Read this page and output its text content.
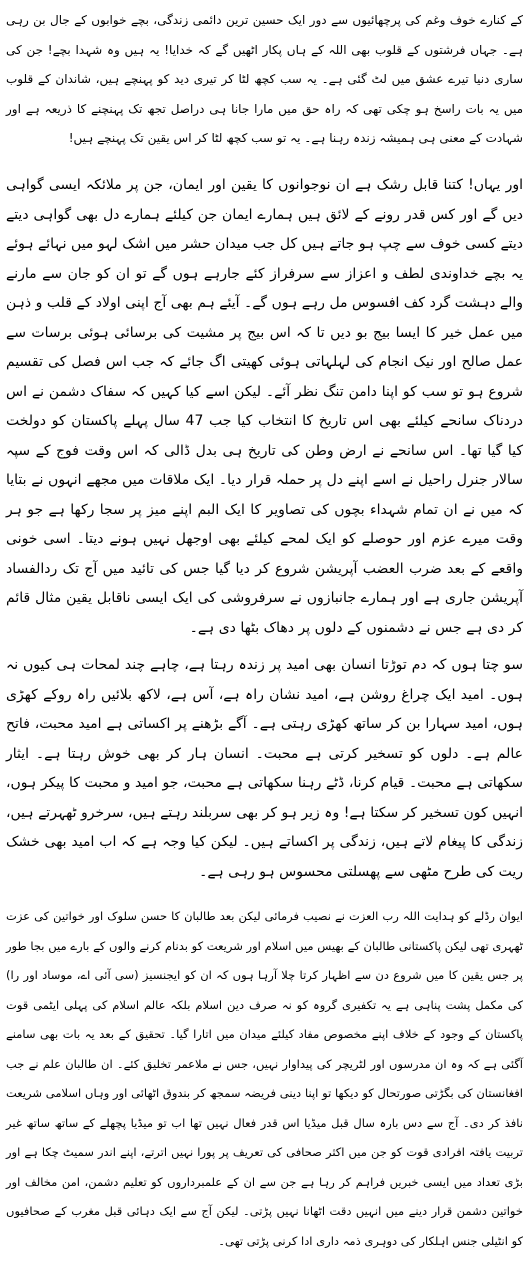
کے کنارے خوف وغم کی پرچھائیوں سے دور ایک حسین ترین دائمی زندگی، بچے خوابوں کے جال بن رہی ہے۔ جہاں فرشتوں کے قلوب بھی اللہ کے ہاں پکار اٹھیں گے کہ خدایا! یہ ہیں وہ شہدا بچے! جن کی ساری دنیا تیرے عشق میں لٹ گئی ہے۔ یہ سب کچھ لٹا کر تیری دید کو پہنچے ہیں، شاندان کے قلوب میں یہ بات راسخ ہو چکی تھی کہ راہ حق میں مارا جانا ہی دراصل تجھ تک پہنچنے کا ذریعہ ہے اور شہادت کے معنی ہی ہمیشہ زندہ رہنا ہے۔ یہ تو سب کچھ لٹا کر اس یقین تک پہنچے ہیں!

اور یہاں! کتنا قابل رشک ہے ان نوجوانوں کا یقین اور ایمان، جن پر ملائکہ ایسی گواہی دیں گے اور کس قدر رونے کے لائق ہیں ہمارے ایمان جن کیلئے ہمارے دل بھی گواہی دیتے دیتے کسی خوف سے چپ ہو جاتے ہیں کل جب میدان حشر میں اشک لہو میں نہائے ہوئے یہ بچے خداوندی لطف و اعزاز سے سرفراز کئے جارہے ہوں گے تو ان کو جان سے مارنے والے دہشت گرد کف افسوس مل رہے ہوں گے۔ آیئے ہم بھی آج اپنی اولاد کے قلب و ذہن میں عمل خیر کا ایسا بیج بو دیں تا کہ اس بیج پر مشیت کی برسائی ہوئی برسات سے عمل صالح اور نیک انجام کی لہلہاتی ہوئی کھیتی اگ جائے کہ جب اس فصل کی تقسیم شروع ہو تو سب کو اپنا دامن تنگ نظر آئے۔ لیکن اسے کیا کہیں کہ سفاک دشمن نے اس دردناک سانحے کیلئے بھی اس تاریخ کا انتخاب کیا جب 47 سال پہلے پاکستان کو دولخت کیا گیا تھا۔ اس سانحے نے ارض وطن کی تاریخ ہی بدل ڈالی کہ اس وقت فوج کے سپہ سالار جنرل راحیل نے اسے اپنے دل پر حملہ قرار دیا۔ ایک ملاقات میں مجھے انہوں نے بتایا کہ میں نے ان تمام شہداء بچوں کی تصاویر کا ایک البم اپنے میز پر سجا رکھا ہے جو ہر وقت میرے عزم اور حوصلے کو ایک لمحے کیلئے بھی اوجھل نہیں ہونے دیتا۔ اسی خونی واقعے کے بعد ضرب العضب آپریشن شروع کر دیا گیا جس کی تائید میں آج تک ردالفساد آپریشن جاری ہے اور ہمارے جانبازوں نے سرفروشی کی ایک ایسی ناقابل یقین مثال قائم کر دی ہے جس نے دشمنوں کے دلوں پر دھاک بٹھا دی ہے۔

سو چتا ہوں کہ دم توڑتا انسان بھی امید پر زندہ رہتا ہے، چاہے چند لمحات ہی کیوں نہ ہوں۔ امید ایک چراغ روشن ہے، امید نشان راہ ہے، آس ہے، لاکھ بلائیں راہ روکے کھڑی ہوں، امید سہارا بن کر ساتھ کھڑی رہتی ہے۔ آگے بڑھنے پر اکساتی ہے امید محبت، فاتح عالم ہے۔ دلوں کو تسخیر کرتی ہے محبت۔ انسان ہار کر بھی خوش رہتا ہے۔ ایثار سکھاتی ہے محبت۔ قیام کرنا، ڈٹے رہنا سکھاتی ہے محبت، جو امید و محبت کا پیکر ہوں، انہیں کون تسخیر کر سکتا ہے! وہ زیر ہو کر بھی سربلند رہتے ہیں، سرخرو ٹھہرتے ہیں، زندگی کا پیغام لاتے ہیں، زندگی پر اکساتے ہیں۔ لیکن کیا وجہ ہے کہ اب امید بھی خشک ریت کی طرح مٹھی سے پھسلتی محسوس ہو رہی ہے۔

ایوان رڈلے کو ہدایت اللہ رب العزت نے نصیب فرمائی لیکن بعد طالبان کا حسن سلوک اور خواتین کی عزت ٹھہری تھی لیکن پاکستانی طالبان کے بھیس میں اسلام اور شریعت کو بدنام کرنے والوں کے بارے میں بجا طور پر جس یقین کا میں شروع دن سے اظہار کرتا چلا آرہا ہوں کہ ان کو ایجنسیز (سی آئی اے، موساد اور را) کی مکمل پشت پناہی ہے یہ تکفیری گروہ کو نہ صرف دین اسلام بلکہ عالم اسلام کی پہلی ایٹمی قوت پاکستان کے وجود کے خلاف اپنے مخصوص مفاد کیلئے میدان میں اتارا گیا۔ تحقیق کے بعد یہ بات بھی سامنے آگئی ہے کہ وہ ان مدرسوں اور لٹریچر کی پیداوار نہیں، جس نے ملاعمر تخلیق کئے۔ ان طالبان علم نے جب افغانستان کی بگڑتی صورتحال کو دیکھا تو اپنا دینی فریضہ سمجھ کر بندوق اٹھائی اور وہاں اسلامی شریعت نافذ کر دی۔ آج سے دس بارہ سال قبل میڈیا اس قدر فعال نہیں تھا اب تو میڈیا پچھلے کے ساتھ ساتھ غیر تربیت یافتہ افرادی قوت کو جن میں اکثر صحافی کی تعریف پر پورا نہیں اترتے، اپنے اندر سمیٹ چکا ہے اور بڑی تعداد میں ایسی خبریں فراہم کر رہا ہے جن سے ان کے علمبرداروں کو تعلیم دشمن، امن مخالف اور خواتین دشمن قرار دینے میں انہیں دقت اٹھانا نہیں پڑتی۔ لیکن آج سے ایک دہائی قبل مغرب کے صحافیوں کو انٹیلی جنس اہلکار کی دوہری ذمہ داری ادا کرنی پڑتی تھی۔
